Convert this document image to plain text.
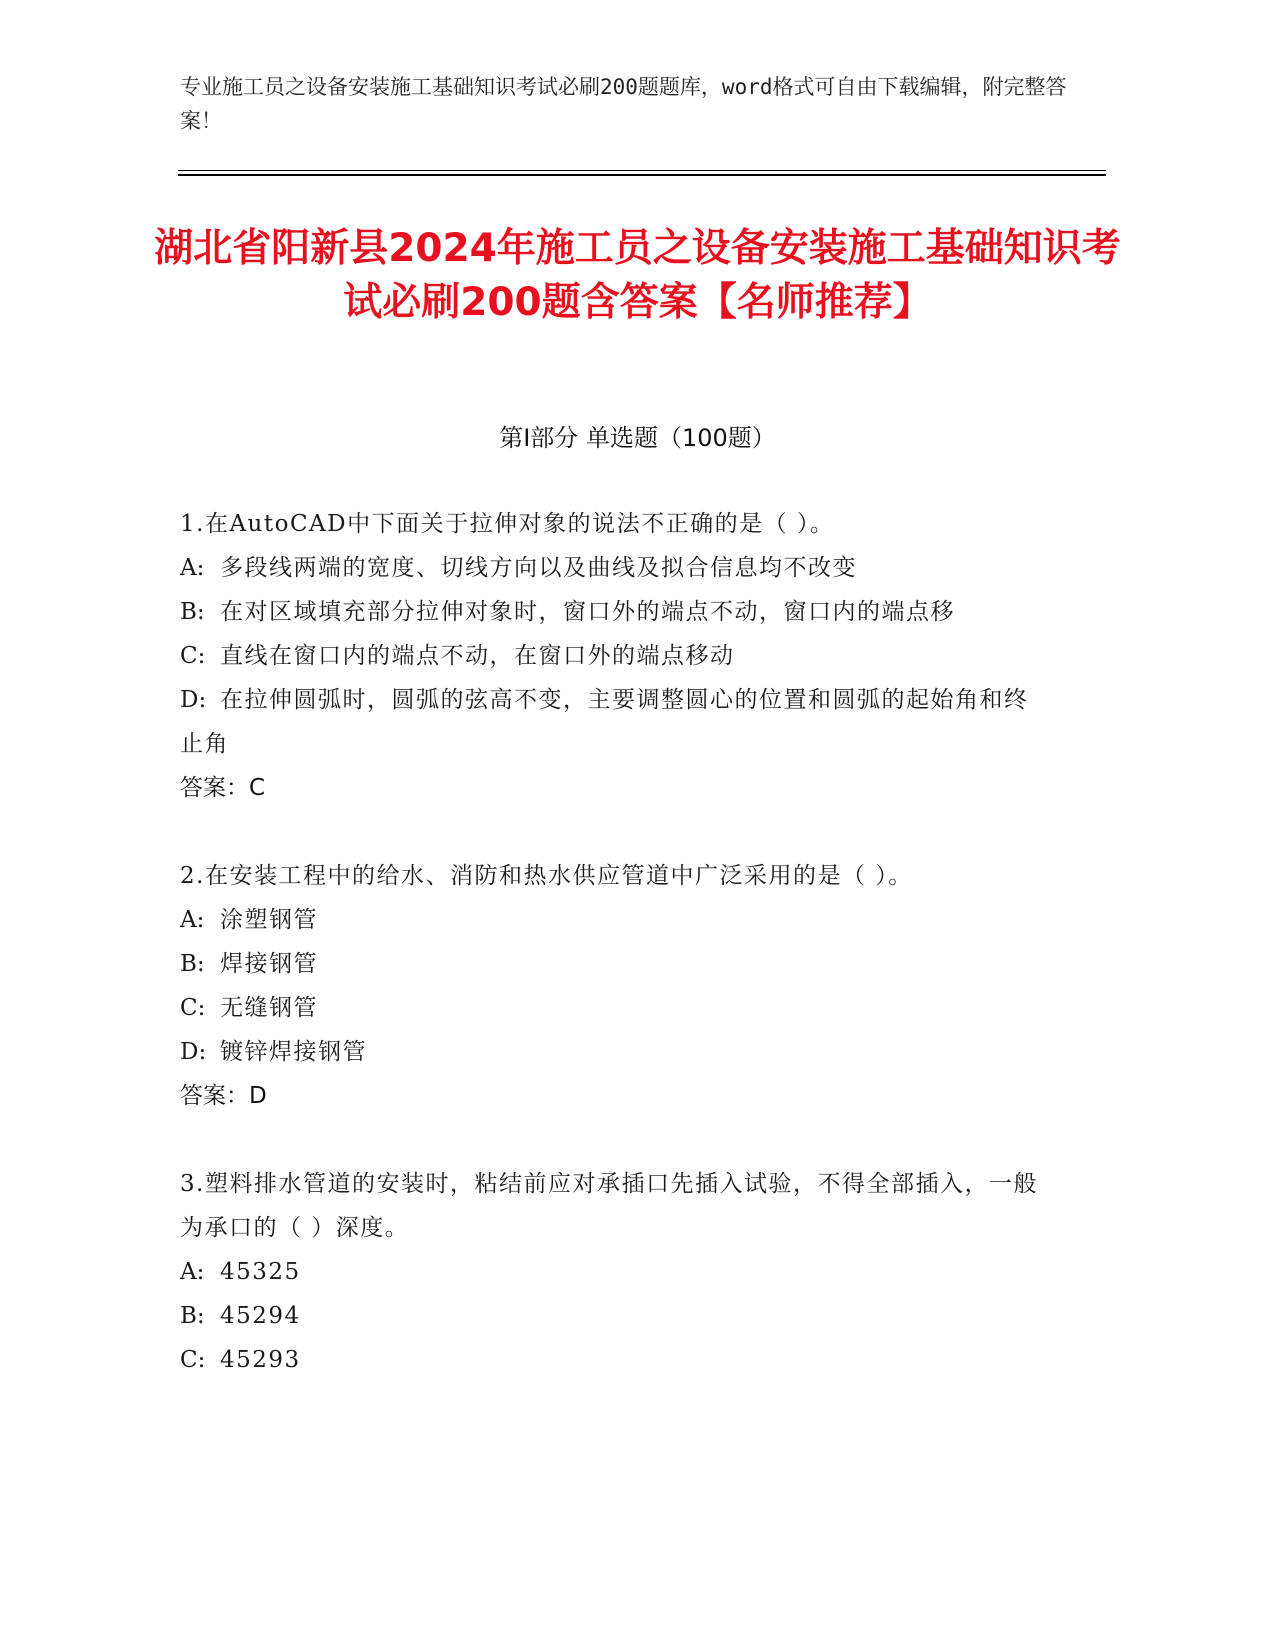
专业施工员之设备安装施工基础知识考试必刷200题题库，word格式可自由下载编辑，附完整答案！
湖北省阳新县2024年施工员之设备安装施工基础知识考试必刷200题含答案【名师推荐】
第Ⅰ部分 单选题（100题）

1.在AutoCAD中下面关于拉伸对象的说法不正确的是（ ）。

A: 多段线两端的宽度、切线方向以及曲线及拟合信息均不改变

B: 在对区域填充部分拉伸对象时，窗口外的端点不动，窗口内的端点移

C: 直线在窗口内的端点不动，在窗口外的端点移动

D: 在拉伸圆弧时，圆弧的弦高不变，主要调整圆心的位置和圆弧的起始角和终止角

答案：C

2.在安装工程中的给水、消防和热水供应管道中广泛采用的是（ ）。

A: 涂塑钢管

B: 焊接钢管

C: 无缝钢管

D: 镀锌焊接钢管

答案：D

3.塑料排水管道的安装时，粘结前应对承插口先插入试验，不得全部插入，一般为承口的（ ）深度。

A: 45325

B: 45294

C: 45293
